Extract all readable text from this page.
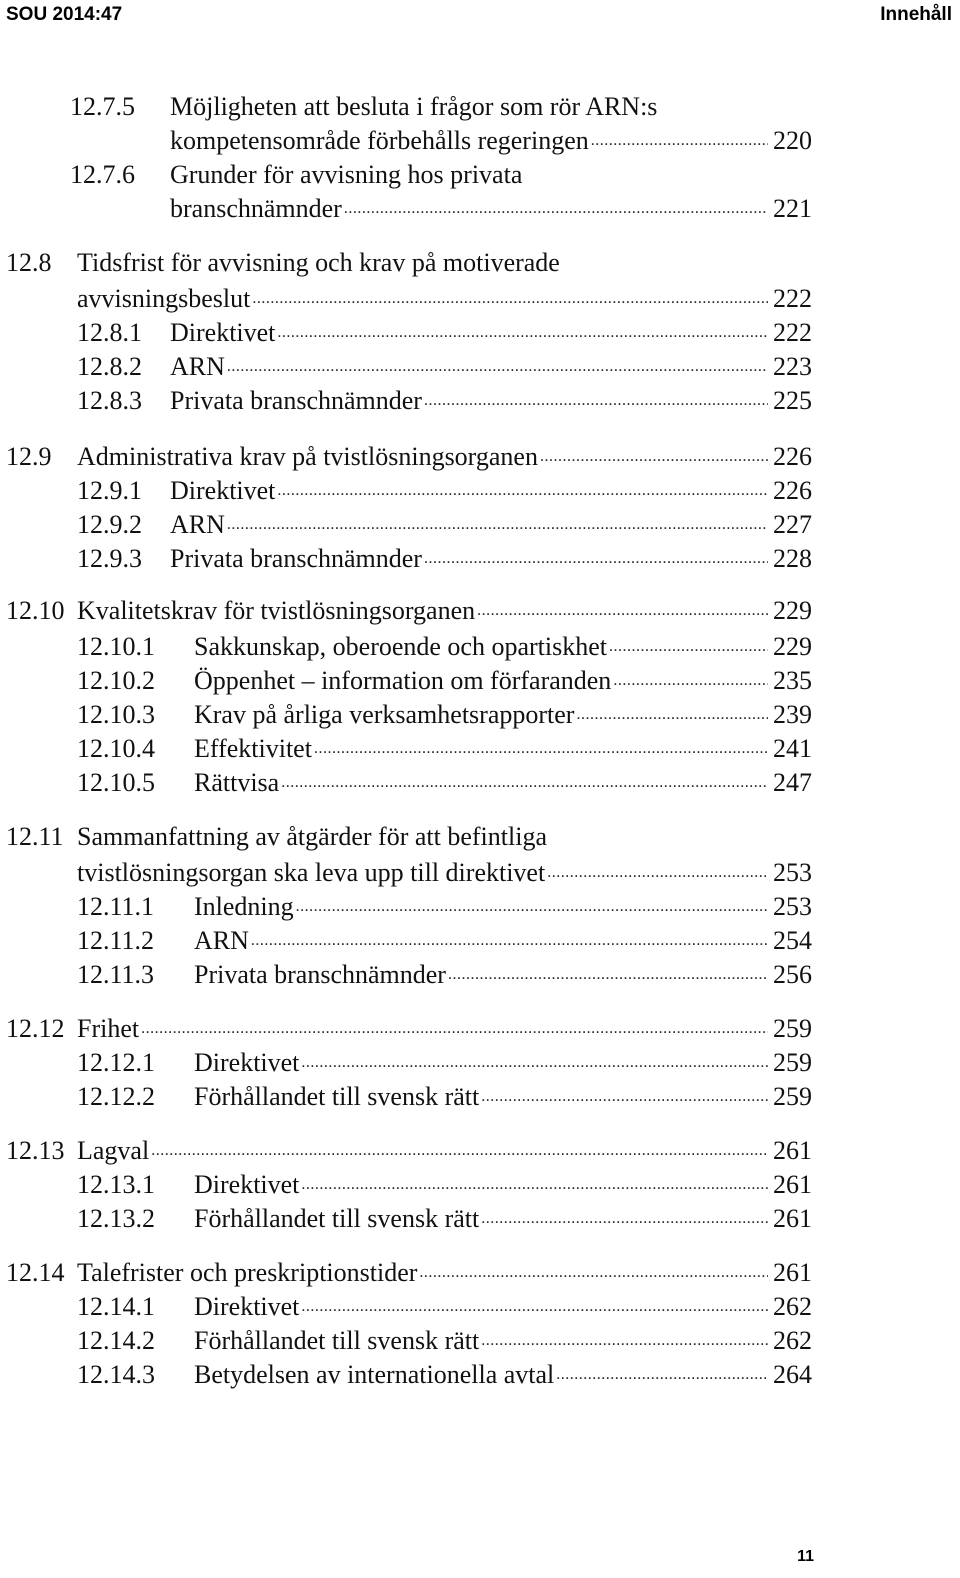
SOU 2014:47	Innehåll
12.7.5 Möjligheten att besluta i frågor som rör ARN:s
kompetensområde förbehålls regeringen .....	220
12.7.6 Grunder för avvisning hos privata
branschnämnder .....	221
12.8 Tidsfrist för avvisning och krav på motiverade
avvisningsbeslut .....	222
12.8.1 Direktivet .....	222
12.8.2 ARN .....	223
12.8.3 Privata branschnämnder .....	225
12.9 Administrativa krav på tvistlösningsorganen .....	226
12.9.1 Direktivet .....	226
12.9.2 ARN .....	227
12.9.3 Privata branschnämnder .....	228
12.10 Kvalitetskrav för tvistlösningsorganen .....	229
12.10.1 Sakkunskap, oberoende och opartiskhet .....	229
12.10.2 Öppenhet – information om förfaranden .....	235
12.10.3 Krav på årliga verksamhetsrapporter .....	239
12.10.4 Effektivitet .....	241
12.10.5 Rättvisa .....	247
12.11 Sammanfattning av åtgärder för att befintliga
tvistlösningsorgan ska leva upp till direktivet .....	253
12.11.1 Inledning .....	253
12.11.2 ARN .....	254
12.11.3 Privata branschnämnder .....	256
12.12 Frihet .....	259
12.12.1 Direktivet .....	259
12.12.2 Förhållandet till svensk rätt .....	259
12.13 Lagval .....	261
12.13.1 Direktivet .....	261
12.13.2 Förhållandet till svensk rätt .....	261
12.14 Talefrister och preskriptionstider .....	261
12.14.1 Direktivet .....	262
12.14.2 Förhållandet till svensk rätt .....	262
12.14.3 Betydelsen av internationella avtal .....	264
11
